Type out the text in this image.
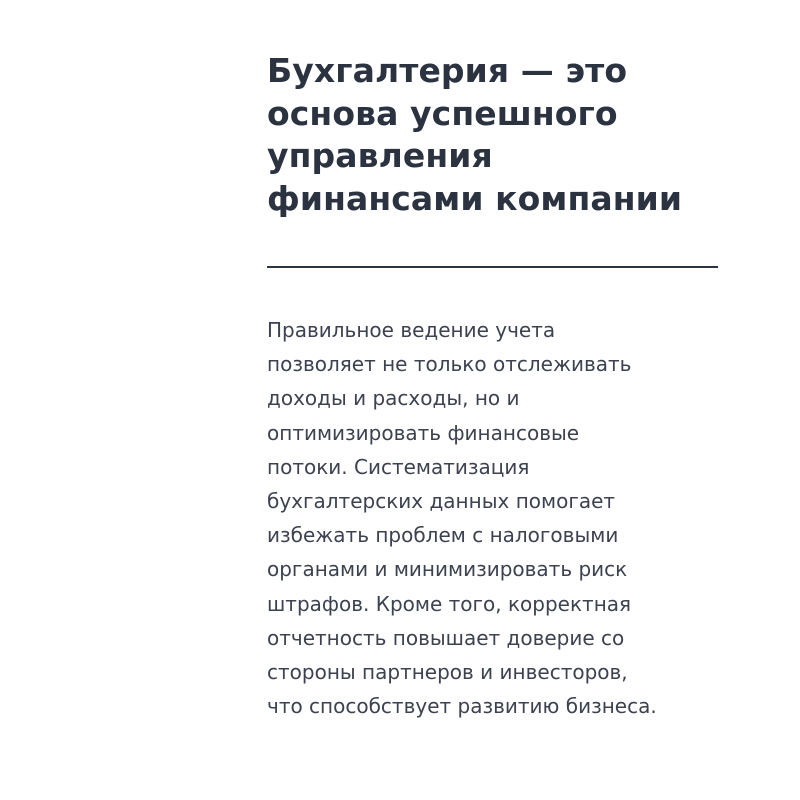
Бухгалтерия — это
основа успешного
управления
финансами компании

Правильное ведение учета
позволяет не только отслеживать
доходы и расходы, но и
оптимизировать финансовые
потоки. Систематизация
бухгалтерских данных помогает
избежать проблем с налоговыми
органами и минимизировать риск
штрафов. Кроме того, корректная
отчетность повышает доверие со
стороны партнеров и инвесторов,
что способствует развитию бизнеса.
